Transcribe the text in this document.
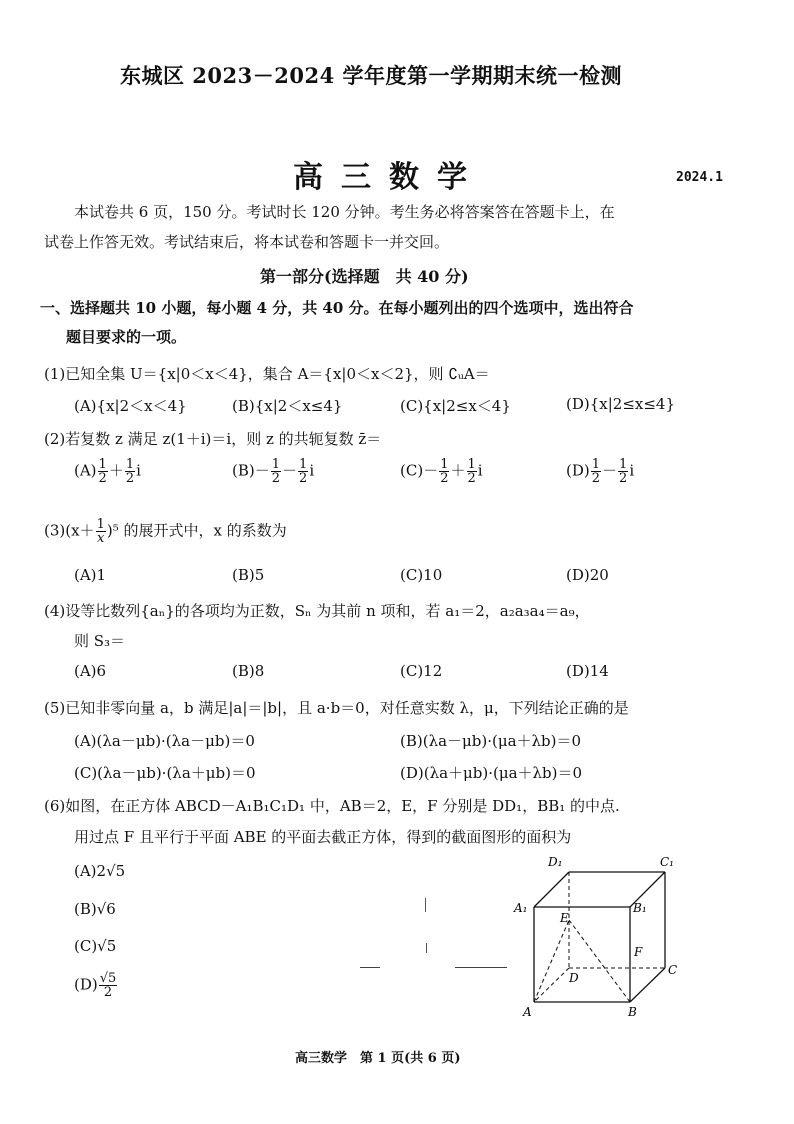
东城区 2023－2024 学年度第一学期期末统一检测
高三数学	2024.1
本试卷共 6 页，150 分。考试时长 120 分钟。考生务必将答案答在答题卡上，在
试卷上作答无效。考试结束后，将本试卷和答题卡一并交回。
第一部分(选择题　共 40 分)
一、选择题共 10 小题，每小题 4 分，共 40 分。在每小题列出的四个选项中，选出符合
题目要求的一项。
(1)已知全集 U＝{x|0＜x＜4}，集合 A＝{x|0＜x＜2}，则 ∁ᵤA＝
(A){x|2＜x＜4}	(B){x|2＜x≤4}	(C){x|2≤x＜4}	(D){x|2≤x≤4}
(2)若复数 z 满足 z(1＋i)＝i，则 z 的共轭复数 z̄＝
$(A) \frac{1}{2} + \frac{1}{2}$ i	$(B)- \frac{1}{2} - \frac{1}{2}$ i	$(C)- \frac{1}{2} + \frac{1}{2}$ i	$(D) \frac{1}{2} - \frac{1}{2}$ i
$(3)(x+ \frac{1}{x} )^5$ 的展开式中，x 的系数为
(A)1	(B)5	(C)10	(D)20
(4)设等比数列{aₙ}的各项均为正数，Sₙ 为其前 n 项和，若 a₁＝2，a₂a₃a₄＝a₉，
则 S₃＝
(A)6	(B)8	(C)12	(D)14
(5)已知非零向量 a，b 满足|a|＝|b|，且 a·b＝0，对任意实数 λ，μ，下列结论正确的是
(A)(λa－μb)·(λa－μb)＝0	(B)(λa－μb)·(μa＋λb)＝0
(C)(λa－μb)·(λa＋μb)＝0	(D)(λa＋μb)·(μa＋λb)＝0
(6)如图，在正方体 ABCD－A₁B₁C₁D₁ 中，AB＝2，E，F 分别是 DD₁，BB₁ 的中点.
用过点 F 且平行于平面 ABE 的平面去截正方体，得到的截面图形的面积为
(A)2√5
(B)√6
(C)√5
$(D) \frac{√5}{2}$
D₁	C₁
A₁	B₁
E
F
D
C
A	B
高三数学　第 1 页(共 6 页)
